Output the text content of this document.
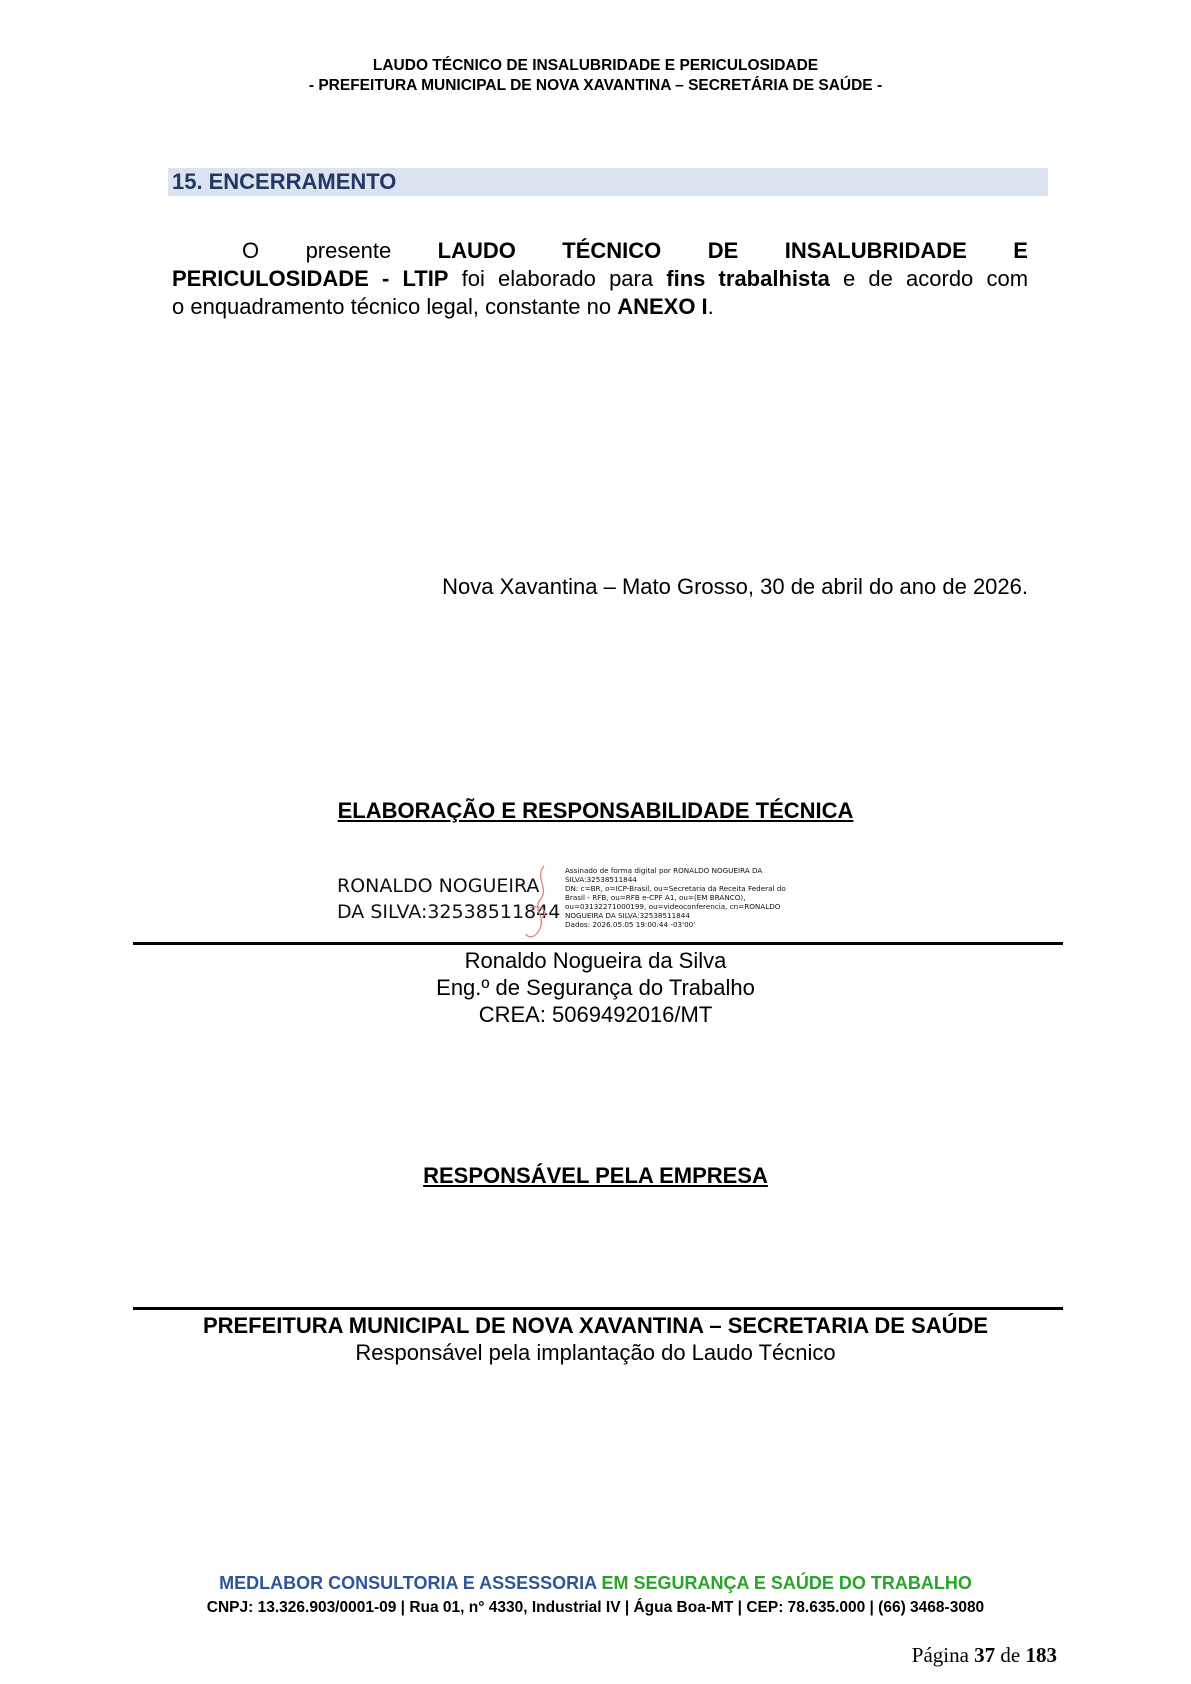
LAUDO TÉCNICO DE INSALUBRIDADE E PERICULOSIDADE
- PREFEITURA MUNICIPAL DE NOVA XAVANTINA – SECRETÁRIA DE SAÚDE -
15. ENCERRAMENTO
O presente LAUDO TÉCNICO DE INSALUBRIDADE E
PERICULOSIDADE - LTIP foi elaborado para fins trabalhista e de acordo com
o enquadramento técnico legal, constante no ANEXO I.
Nova Xavantina – Mato Grosso, 30 de abril do ano de 2026.
ELABORAÇÃO E RESPONSABILIDADE TÉCNICA
RONALDO NOGUEIRA
DA SILVA:32538511844
Assinado de forma digital por RONALDO NOGUEIRA DA
SILVA:32538511844
DN: c=BR, o=ICP-Brasil, ou=Secretaria da Receita Federal do
Brasil - RFB, ou=RFB e-CPF A1, ou=(EM BRANCO),
ou=03132271000199, ou=videoconferencia, cn=RONALDO
NOGUEIRA DA SILVA:32538511844
Dados: 2026.05.05 19:00:44 -03'00'
Ronaldo Nogueira da Silva
Eng.º de Segurança do Trabalho
CREA: 5069492016/MT
RESPONSÁVEL PELA EMPRESA
PREFEITURA MUNICIPAL DE NOVA XAVANTINA – SECRETARIA DE SAÚDE
Responsável pela implantação do Laudo Técnico
MEDLABOR CONSULTORIA E ASSESSORIA EM SEGURANÇA E SAÚDE DO TRABALHO
CNPJ: 13.326.903/0001-09 | Rua 01, n° 4330, Industrial IV | Água Boa-MT | CEP: 78.635.000 | (66) 3468-3080
Página 37 de 183
